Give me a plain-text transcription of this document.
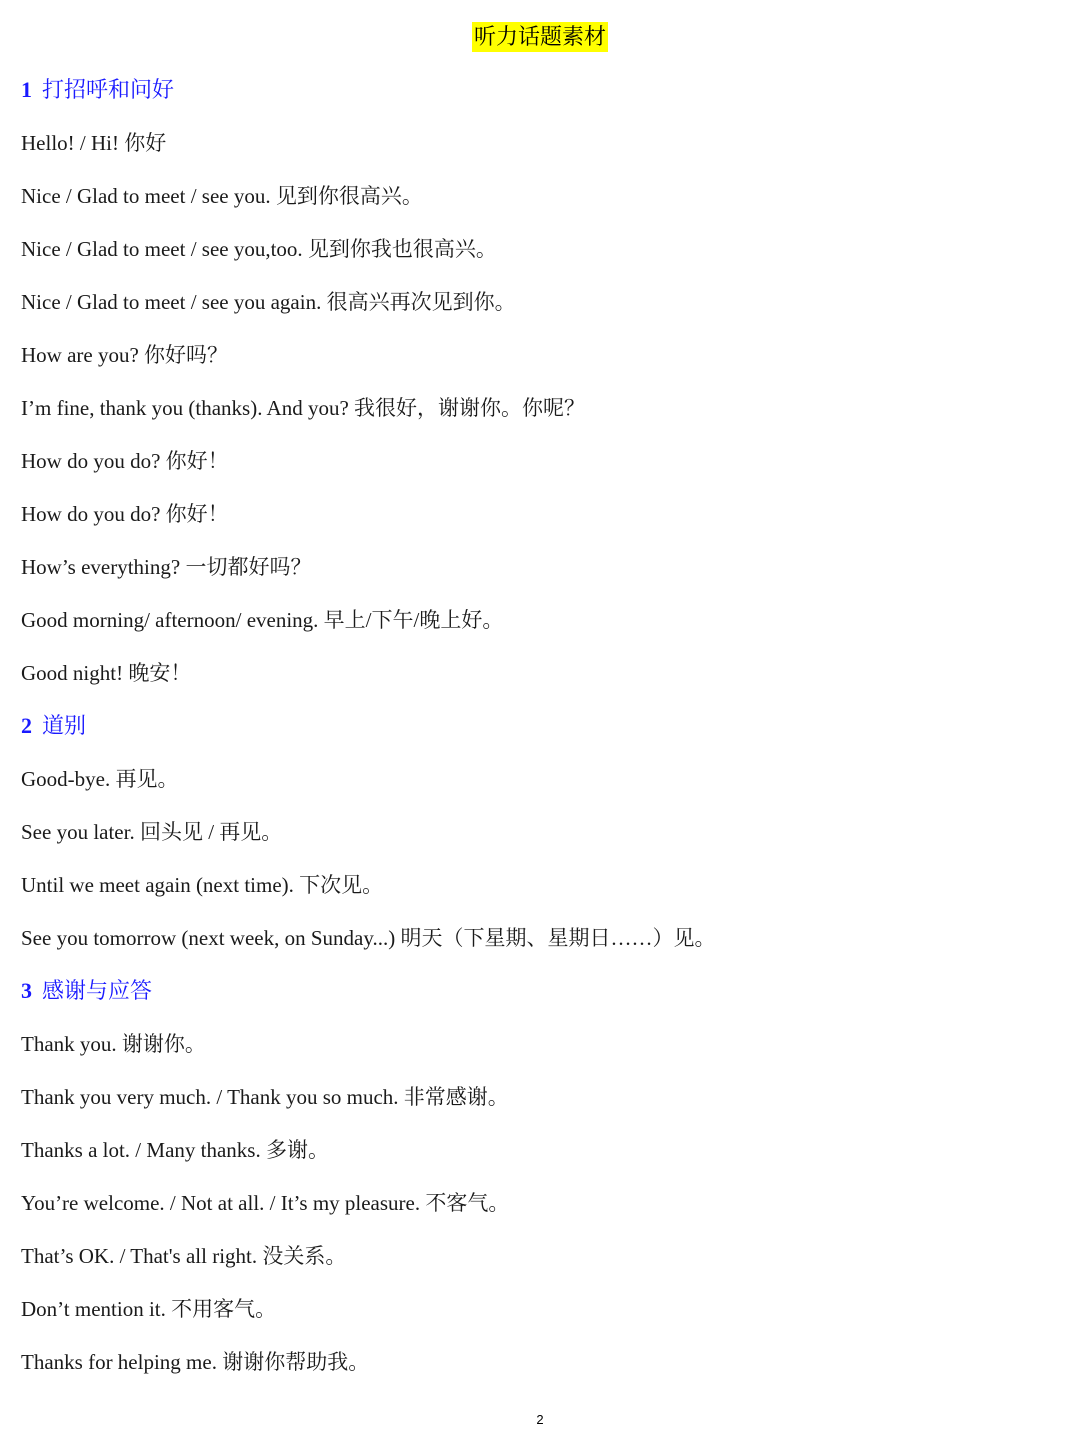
听力话题素材
1 打招呼和问好
Hello! / Hi! 你好
Nice / Glad to meet / see you. 见到你很高兴。
Nice / Glad to meet / see you,too. 见到你我也很高兴。
Nice / Glad to meet / see you again. 很高兴再次见到你。
How are you? 你好吗？
I’m fine, thank you (thanks). And you? 我很好，谢谢你。你呢？
How do you do? 你好！
How do you do? 你好！
How’s everything? 一切都好吗？
Good morning/ afternoon/ evening. 早上/下午/晚上好。
Good night! 晚安！
2 道别
Good-bye. 再见。
See you later. 回头见 / 再见。
Until we meet again (next time). 下次见。
See you tomorrow (next week, on Sunday...) 明天（下星期、星期日……）见。
3 感谢与应答
Thank you. 谢谢你。
Thank you very much. / Thank you so much. 非常感谢。
Thanks a lot. / Many thanks. 多谢。
You’re welcome. / Not at all. / It’s my pleasure. 不客气。
That’s OK. / That's all right. 没关系。
Don’t mention it. 不用客气。
Thanks for helping me. 谢谢你帮助我。
2
